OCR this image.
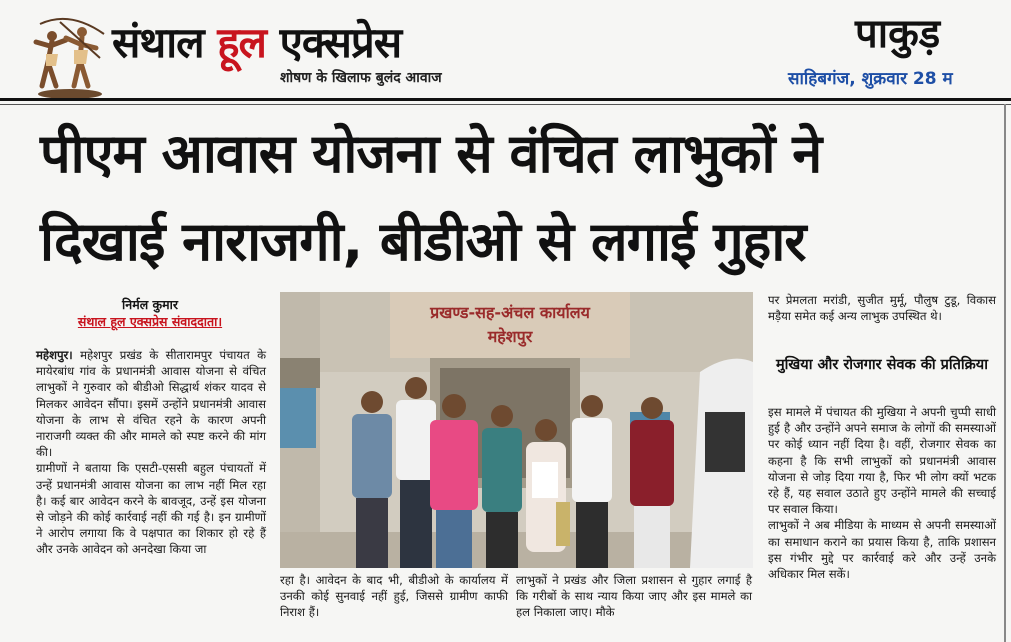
संथाल हूल एक्सप्रेस
शोषण के खिलाफ बुलंद आवाज
पाकुड़
साहिबगंज, शुक्रवार 28 म
पीएम आवास योजना से वंचित लाभुकों ने
दिखाई नाराजगी, बीडीओ से लगाई गुहार
निर्मल कुमार
संथाल हूल एक्सप्रेस संवाददाता।

महेशपुर। महेशपुर प्रखंड के सीतारामपुर पंचायत के मायेरबांध गांव के प्रधानमंत्री आवास योजना से वंचित लाभुकों ने गुरुवार को बीडीओ सिद्धार्थ शंकर यादव से मिलकर आवेदन सौंपा। इसमें उन्होंने प्रधानमंत्री आवास योजना के लाभ से वंचित रहने के कारण अपनी नाराजगी व्यक्त की और मामले को स्पष्ट करने की मांग की।

ग्रामीणों ने बताया कि एसटी-एससी बहुल पंचायतों में उन्हें प्रधानमंत्री आवास योजना का लाभ नहीं मिल रहा है। कई बार आवेदन करने के बावजूद, उन्हें इस योजना से जोड़ने की कोई कार्रवाई नहीं की गई है। इन ग्रामीणों ने आरोप लगाया कि वे पक्षपात का शिकार हो रहे हैं और उनके आवेदन को अनदेखा किया जा

प्रखण्ड-सह-अंचल कार्यालय
महेशपुर
रहा है। आवेदन के बाद भी, बीडीओ के कार्यालय में उनकी कोई सुनवाई नहीं हुई, जिससे ग्रामीण काफी निराश हैं।
लाभुकों ने प्रखंड और जिला प्रशासन से गुहार लगाई है कि गरीबों के साथ न्याय किया जाए और इस मामले का हल निकाला जाए। मौके
पर प्रेमलता मरांडी, सुजीत मुर्मू, पौलुष टुडू, विकास मड़ैया समेत कई अन्य लाभुक उपस्थित थे।
मुखिया और रोजगार सेवक की प्रतिक्रिया

इस मामले में पंचायत की मुखिया ने अपनी चुप्पी साधी हुई है और उन्होंने अपने समाज के लोगों की समस्याओं पर कोई ध्यान नहीं दिया है। वहीं, रोजगार सेवक का कहना है कि सभी लाभुकों को प्रधानमंत्री आवास योजना से जोड़ दिया गया है, फिर भी लोग क्यों भटक रहे हैं, यह सवाल उठाते हुए उन्होंने मामले की सच्चाई पर सवाल किया।

लाभुकों ने अब मीडिया के माध्यम से अपनी समस्याओं का समाधान कराने का प्रयास किया है, ताकि प्रशासन इस गंभीर मुद्दे पर कार्रवाई करे और उन्हें उनके अधिकार मिल सकें।
